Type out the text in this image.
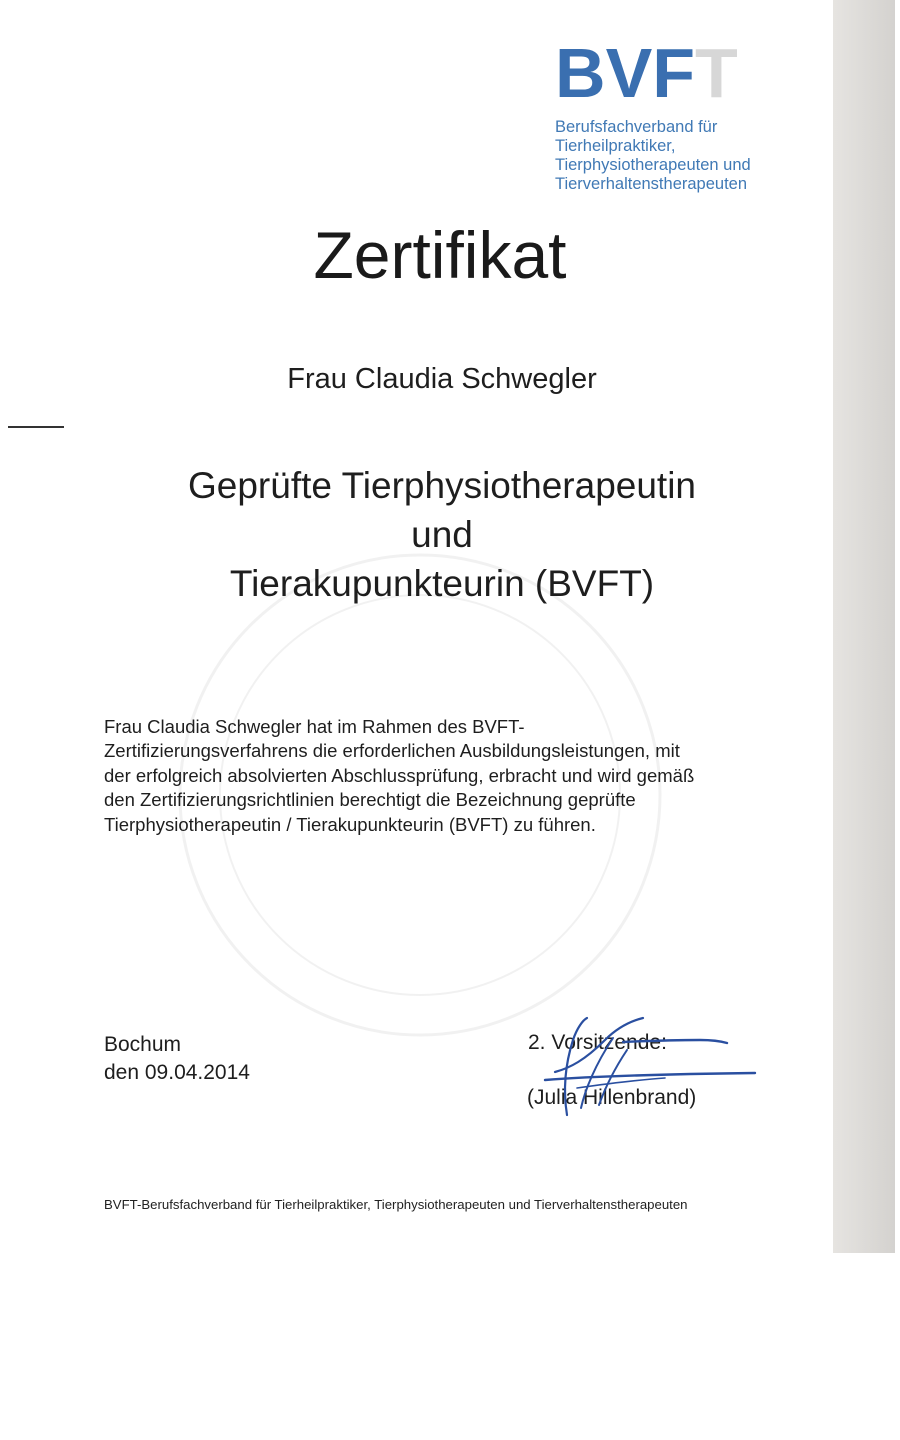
B V F T
Berufsfachverband für
Tierheilpraktiker,
Tierphysiotherapeuten und
Tierverhaltenstherapeuten
Zertifikat
Frau Claudia Schwegler
Geprüfte Tierphysiotherapeutin
und
Tierakupunkteurin (BVFT)
Frau Claudia Schwegler hat im Rahmen des BVFT-
Zertifizierungsverfahrens die erforderlichen Ausbildungsleistungen, mit
der erfolgreich absolvierten Abschlussprüfung, erbracht und wird gemäß
den Zertifizierungsrichtlinien berechtigt die Bezeichnung geprüfte
Tierphysiotherapeutin / Tierakupunkteurin (BVFT) zu führen.
Bochum
den 09.04.2014
2. Vorsitzende:
(Julia Hillenbrand)
BVFT-Berufsfachverband für Tierheilpraktiker, Tierphysiotherapeuten und Tierverhaltenstherapeuten
